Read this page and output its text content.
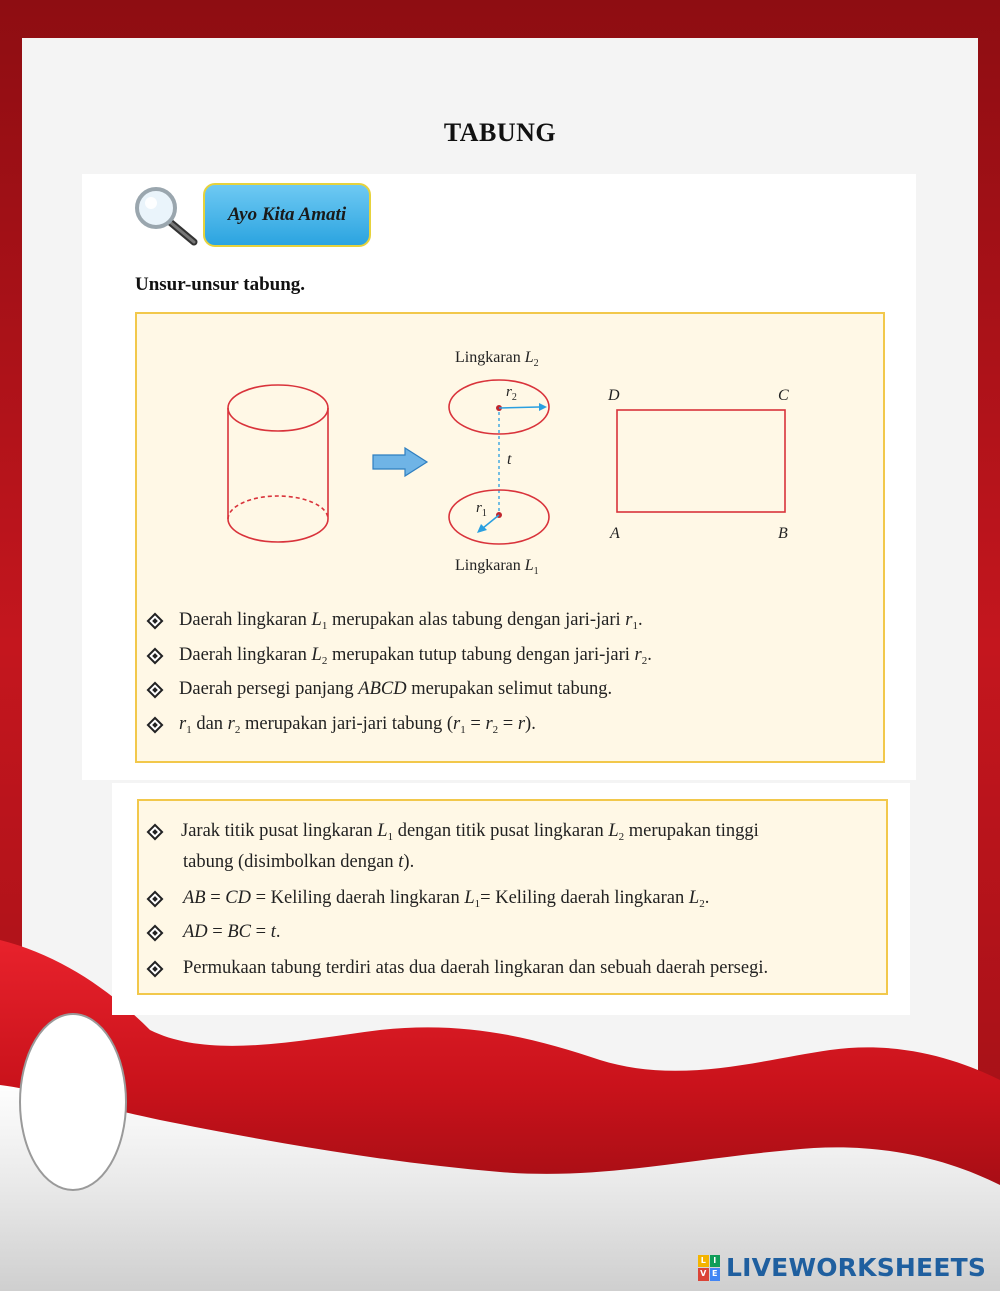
TABUNG
Ayo Kita Amati
Unsur-unsur tabung.
Lingkaran $L_2$
$r_2$
t
$r_1$
Lingkaran $L_1$
D	C
A	B
Daerah lingkaran $L_1$ merupakan alas tabung dengan jari-jari $r_1$.
Daerah lingkaran $L_2$ merupakan tutup tabung dengan jari-jari $r_2$.
Daerah persegi panjang ABCD merupakan selimut tabung.
$r_1$ dan $r_2$ merupakan jari-jari tabung $(r_1 = r_2 = r)$.
Jarak titik pusat lingkaran $L_1$ dengan titik pusat lingkaran $L_2$ merupakan tinggi
tabung (disimbolkan dengan t).
AB = CD = Keliling daerah lingkaran $L_1=$ Keliling daerah lingkaran $L_2$.
AD = BC = t.
Permukaan tabung terdiri atas dua daerah lingkaran dan sebuah daerah persegi.
L I
V E LIVEWORKSHEETS
